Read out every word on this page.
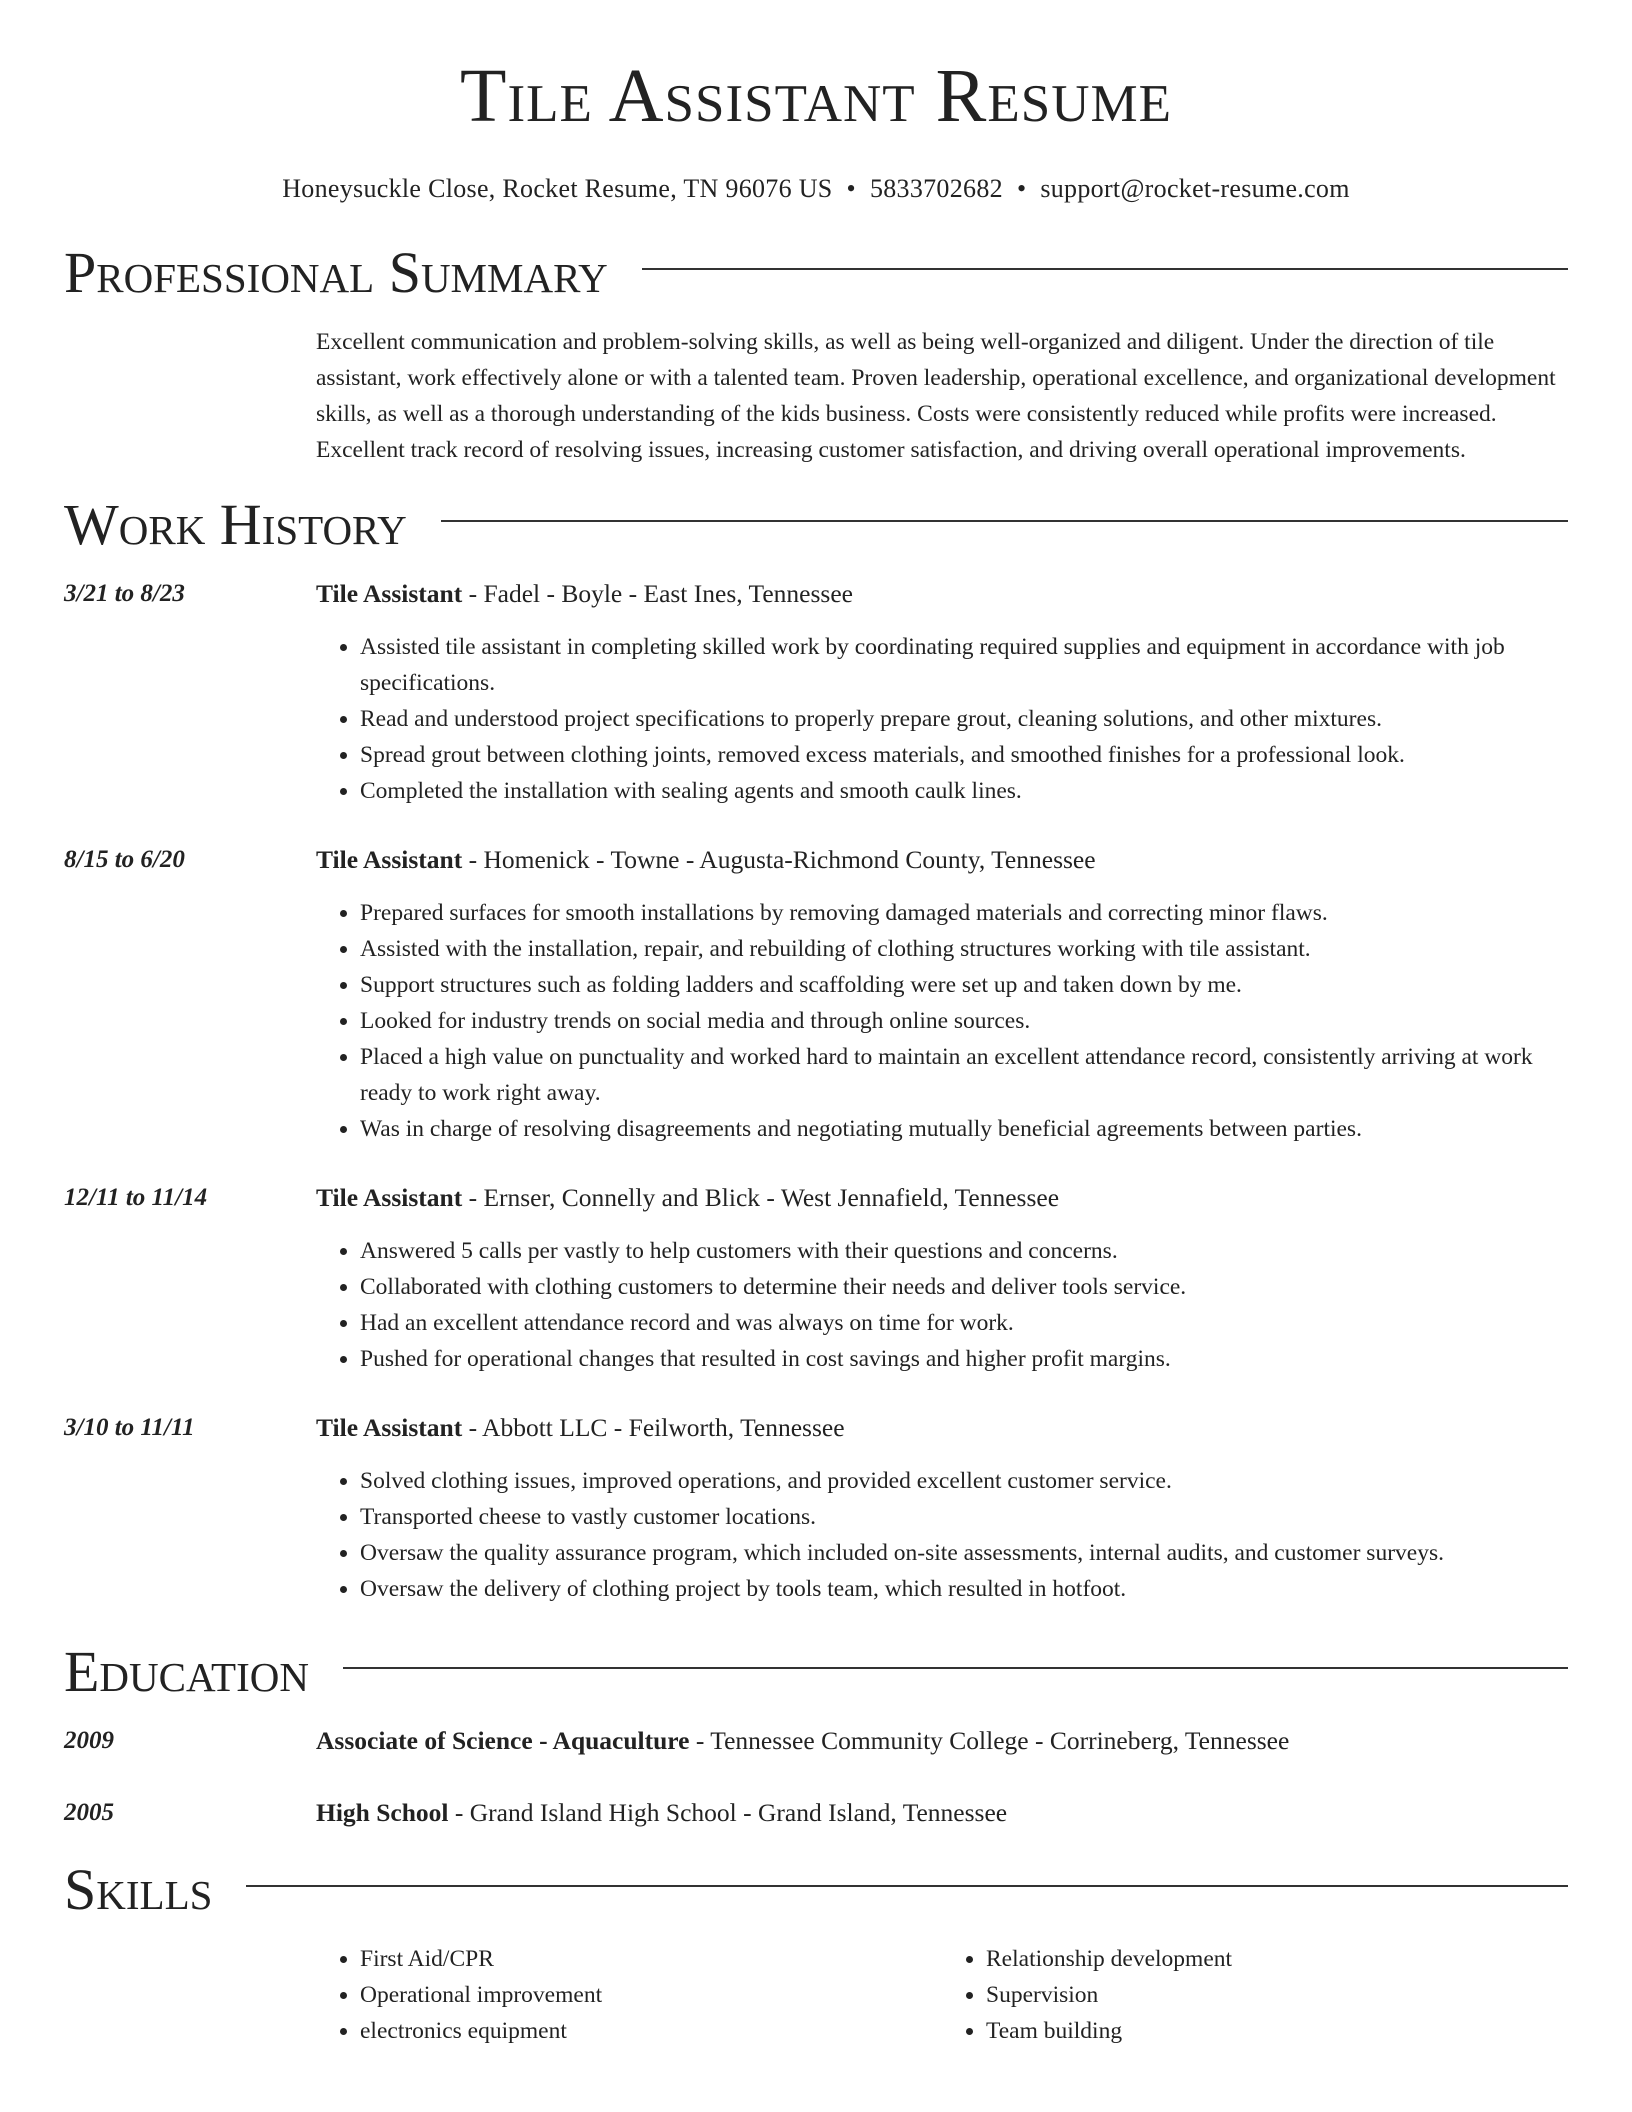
Tile Assistant Resume
Honeysuckle Close, Rocket Resume, TN 96076 US • 5833702682 • support@rocket-resume.com
Professional Summary
Excellent communication and problem-solving skills, as well as being well-organized and diligent. Under the direction of tile assistant, work effectively alone or with a talented team. Proven leadership, operational excellence, and organizational development skills, as well as a thorough understanding of the kids business. Costs were consistently reduced while profits were increased. Excellent track record of resolving issues, increasing customer satisfaction, and driving overall operational improvements.
Work History
3/21 to 8/23	Tile Assistant - Fadel - Boyle - East Ines, Tennessee
• Assisted tile assistant in completing skilled work by coordinating required supplies and equipment in accordance with job specifications.
• Read and understood project specifications to properly prepare grout, cleaning solutions, and other mixtures.
• Spread grout between clothing joints, removed excess materials, and smoothed finishes for a professional look.
• Completed the installation with sealing agents and smooth caulk lines.
8/15 to 6/20	Tile Assistant - Homenick - Towne - Augusta-Richmond County, Tennessee
• Prepared surfaces for smooth installations by removing damaged materials and correcting minor flaws.
• Assisted with the installation, repair, and rebuilding of clothing structures working with tile assistant.
• Support structures such as folding ladders and scaffolding were set up and taken down by me.
• Looked for industry trends on social media and through online sources.
• Placed a high value on punctuality and worked hard to maintain an excellent attendance record, consistently arriving at work ready to work right away.
• Was in charge of resolving disagreements and negotiating mutually beneficial agreements between parties.
12/11 to 11/14	Tile Assistant - Ernser, Connelly and Blick - West Jennafield, Tennessee
• Answered 5 calls per vastly to help customers with their questions and concerns.
• Collaborated with clothing customers to determine their needs and deliver tools service.
• Had an excellent attendance record and was always on time for work.
• Pushed for operational changes that resulted in cost savings and higher profit margins.
3/10 to 11/11	Tile Assistant - Abbott LLC - Feilworth, Tennessee
• Solved clothing issues, improved operations, and provided excellent customer service.
• Transported cheese to vastly customer locations.
• Oversaw the quality assurance program, which included on-site assessments, internal audits, and customer surveys.
• Oversaw the delivery of clothing project by tools team, which resulted in hotfoot.
Education
2009	Associate of Science - Aquaculture - Tennessee Community College - Corrineberg, Tennessee
2005	High School - Grand Island High School - Grand Island, Tennessee
Skills
• First Aid/CPR
• Operational improvement
• electronics equipment
• Relationship development
• Supervision
• Team building
